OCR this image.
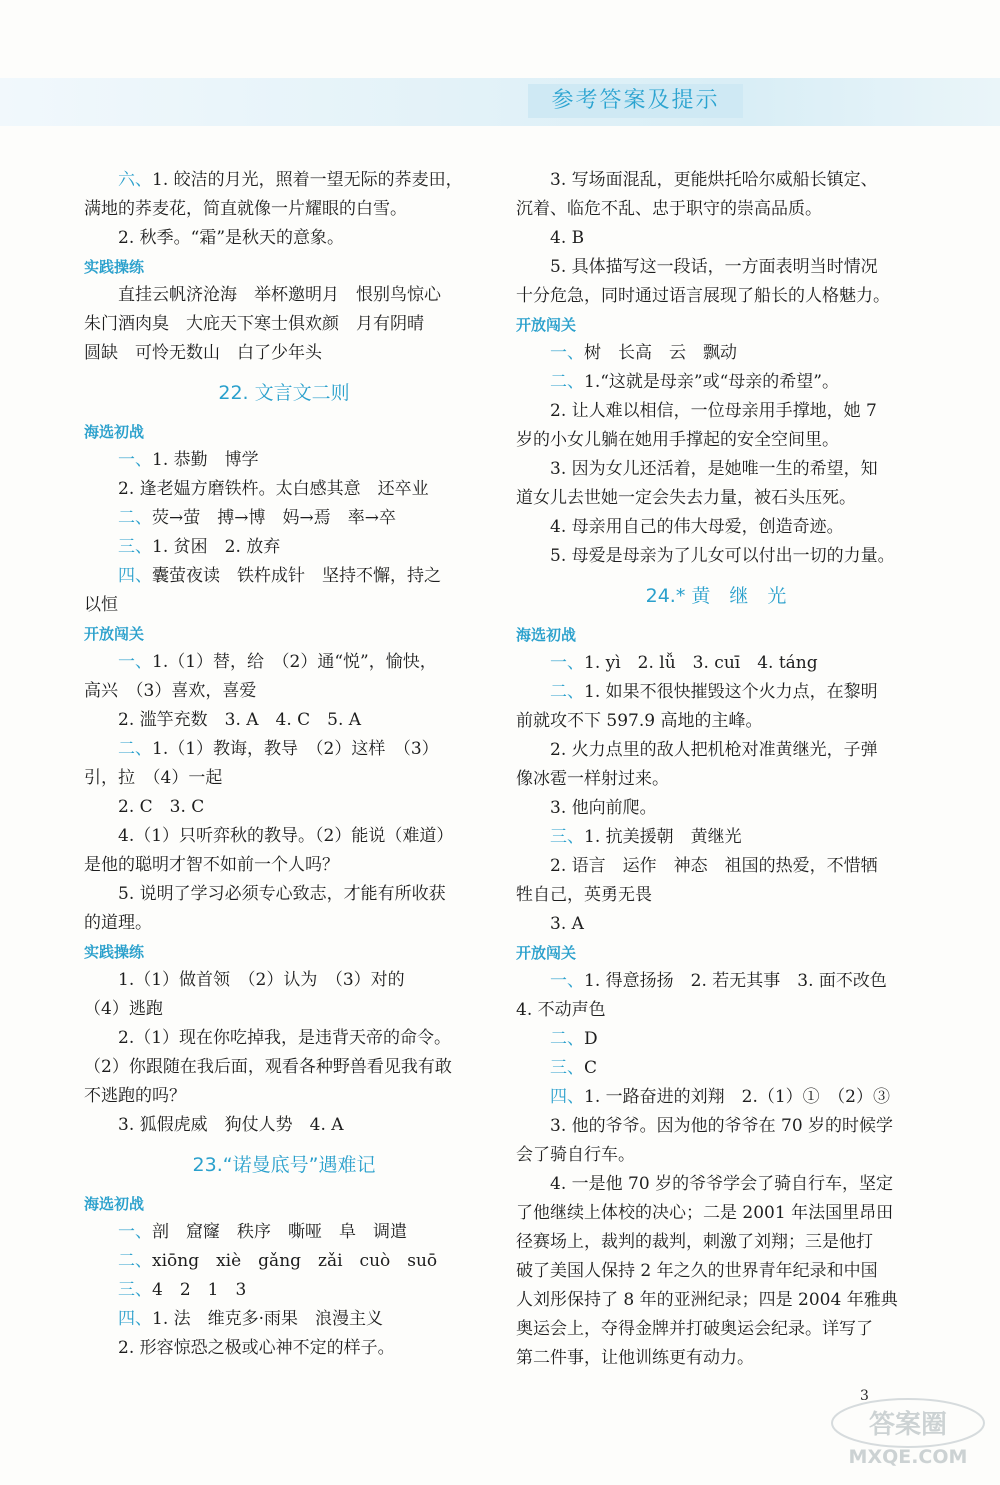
参考答案及提示
六、1. 皎洁的月光，照着一望无际的荞麦田，
满地的荞麦花，简直就像一片耀眼的白雪。
2. 秋季。“霜”是秋天的意象。
实践操练
直挂云帆济沧海　举杯邀明月　恨别鸟惊心
朱门酒肉臭　大庇天下寒士俱欢颜　月有阴晴
圆缺　可怜无数山　白了少年头
22. 文言文二则
海选初战
一、1. 恭勤　博学
2. 逢老媪方磨铁杵。太白感其意　还卒业
二、荧→萤　搏→博　妈→焉　率→卒
三、1. 贫困　2. 放弃
四、囊萤夜读　铁杵成针　坚持不懈，持之
以恒
开放闯关
一、1.（1）替，给　（2）通“悦”，愉快，
高兴　（3）喜欢，喜爱
2. 滥竽充数　3. A　4. C　5. A
二、1.（1）教诲，教导　（2）这样　（3）
引，拉　（4）一起
2. C　3. C
4.（1）只听弈秋的教导。（2）能说（难道）
是他的聪明才智不如前一个人吗？
5. 说明了学习必须专心致志，才能有所收获
的道理。
实践操练
1.（1）做首领　（2）认为　（3）对的
（4）逃跑
2.（1）现在你吃掉我，是违背天帝的命令。
（2）你跟随在我后面，观看各种野兽看见我有敢
不逃跑的吗？
3. 狐假虎威　狗仗人势　4. A
23.“诺曼底号”遇难记
海选初战
一、剖　窟窿　秩序　嘶哑　阜　调遣
二、xiōng　xiè　gǎng　zǎi　cuò　suō
三、4　2　1　3
四、1. 法　维克多·雨果　浪漫主义
2. 形容惊恐之极或心神不定的样子。
3. 写场面混乱，更能烘托哈尔威船长镇定、
沉着、临危不乱、忠于职守的崇高品质。
4. B
5. 具体描写这一段话，一方面表明当时情况
十分危急，同时通过语言展现了船长的人格魅力。
开放闯关
一、树　长高　云　飘动
二、1.“这就是母亲”或“母亲的希望”。
2. 让人难以相信，一位母亲用手撑地，她 7
岁的小女儿躺在她用手撑起的安全空间里。
3. 因为女儿还活着，是她唯一生的希望，知
道女儿去世她一定会失去力量，被石头压死。
4. 母亲用自己的伟大母爱，创造奇迹。
5. 母爱是母亲为了儿女可以付出一切的力量。
24.* 黄　继　光
海选初战
一、1. yì　2. lǚ　3. cuī　4. táng
二、1. 如果不很快摧毁这个火力点，在黎明
前就攻不下 597.9 高地的主峰。
2. 火力点里的敌人把机枪对准黄继光，子弹
像冰雹一样射过来。
3. 他向前爬。
三、1. 抗美援朝　黄继光
2. 语言　运作　神态　祖国的热爱，不惜牺
牲自己，英勇无畏
3. A
开放闯关
一、1. 得意扬扬　2. 若无其事　3. 面不改色
4. 不动声色
二、D
三、C
四、1. 一路奋进的刘翔　2.（1）①　（2）③
3. 他的爷爷。因为他的爷爷在 70 岁的时候学
会了骑自行车。
4. 一是他 70 岁的爷爷学会了骑自行车，坚定
了他继续上体校的决心；二是 2001 年法国里昂田
径赛场上，裁判的裁判，刺激了刘翔；三是他打
破了美国人保持 2 年之久的世界青年纪录和中国
人刘彤保持了 8 年的亚洲纪录；四是 2004 年雅典
奥运会上，夺得金牌并打破奥运会纪录。详写了
第二件事，让他训练更有动力。
3
答案圈
MXQE.COM
